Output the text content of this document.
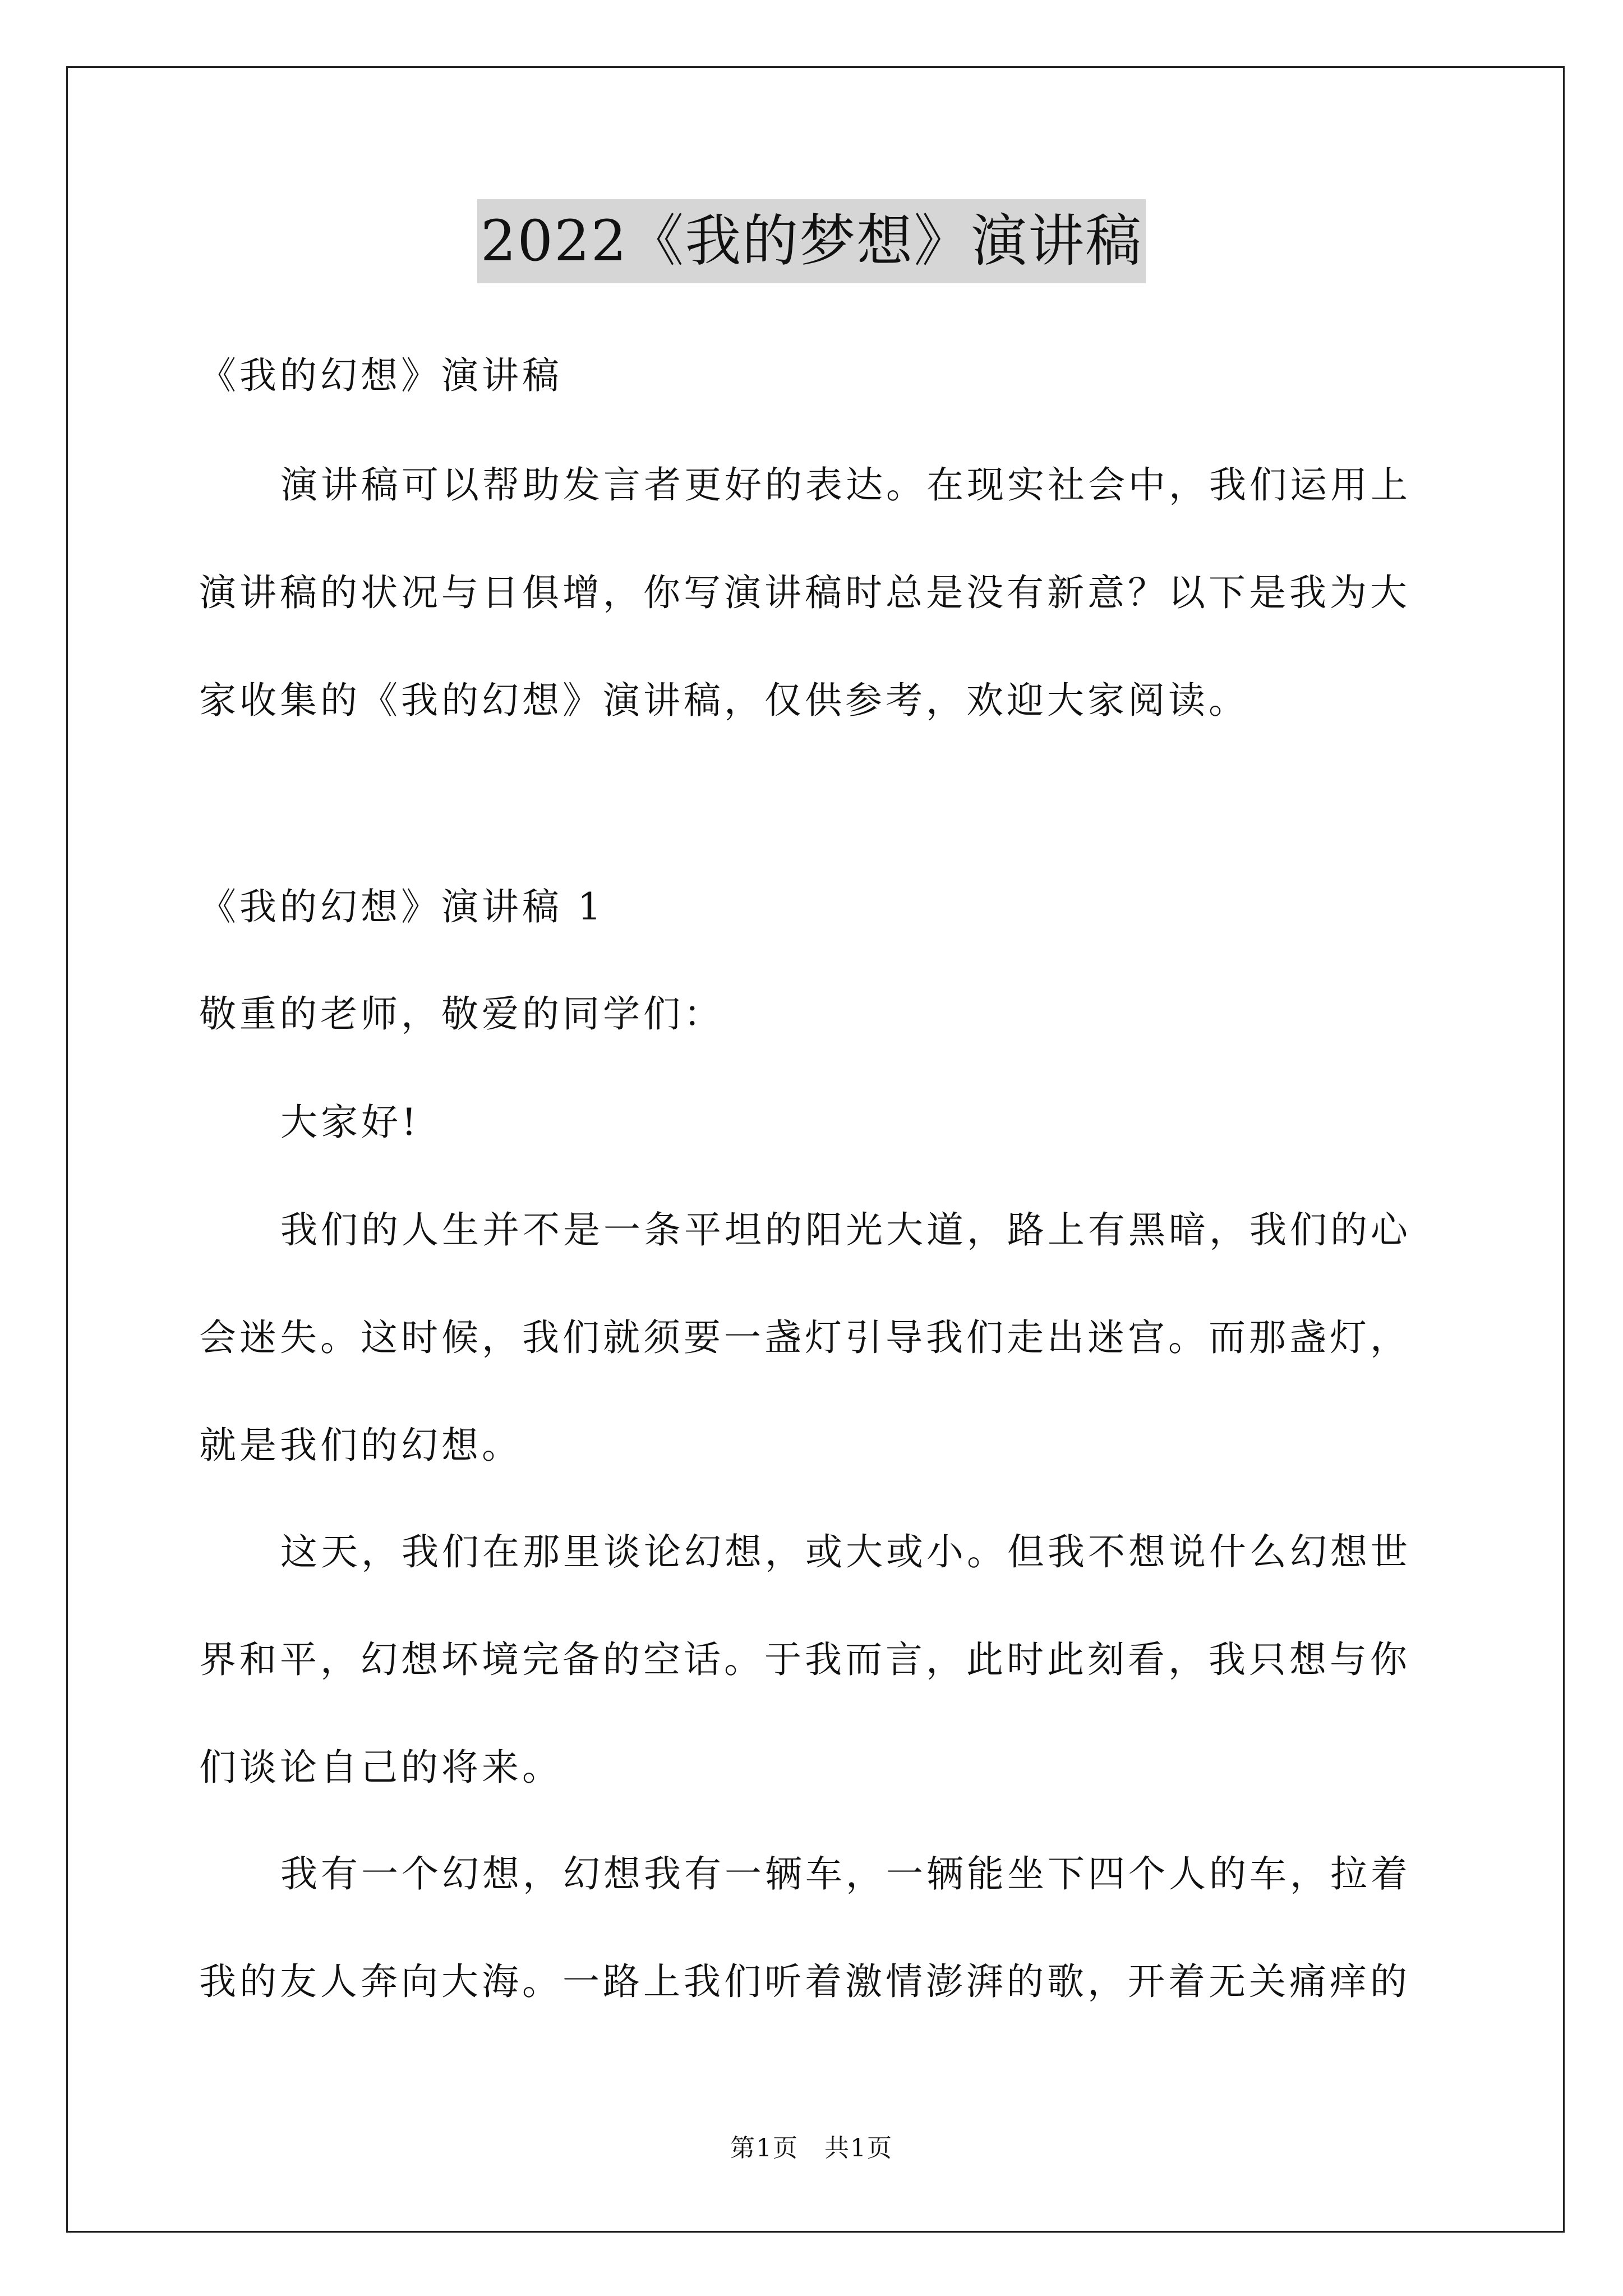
2022《我的梦想》演讲稿
《我的幻想》演讲稿
演讲稿可以帮助发言者更好的表达。在现实社会中，我们运用上
演讲稿的状况与日俱增，你写演讲稿时总是没有新意？以下是我为大
家收集的《我的幻想》演讲稿，仅供参考，欢迎大家阅读。
《我的幻想》演讲稿 1
敬重的老师，敬爱的同学们：
大家好!
我们的人生并不是一条平坦的阳光大道，路上有黑暗，我们的心
会迷失。这时候，我们就须要一盏灯引导我们走出迷宫。而那盏灯，
就是我们的幻想。
这天，我们在那里谈论幻想，或大或小。但我不想说什么幻想世
界和平，幻想坏境完备的空话。于我而言，此时此刻看，我只想与你
们谈论自己的将来。
我有一个幻想，幻想我有一辆车，一辆能坐下四个人的车，拉着
我的友人奔向大海。一路上我们听着激情澎湃的歌，开着无关痛痒的
第1页　共1页
